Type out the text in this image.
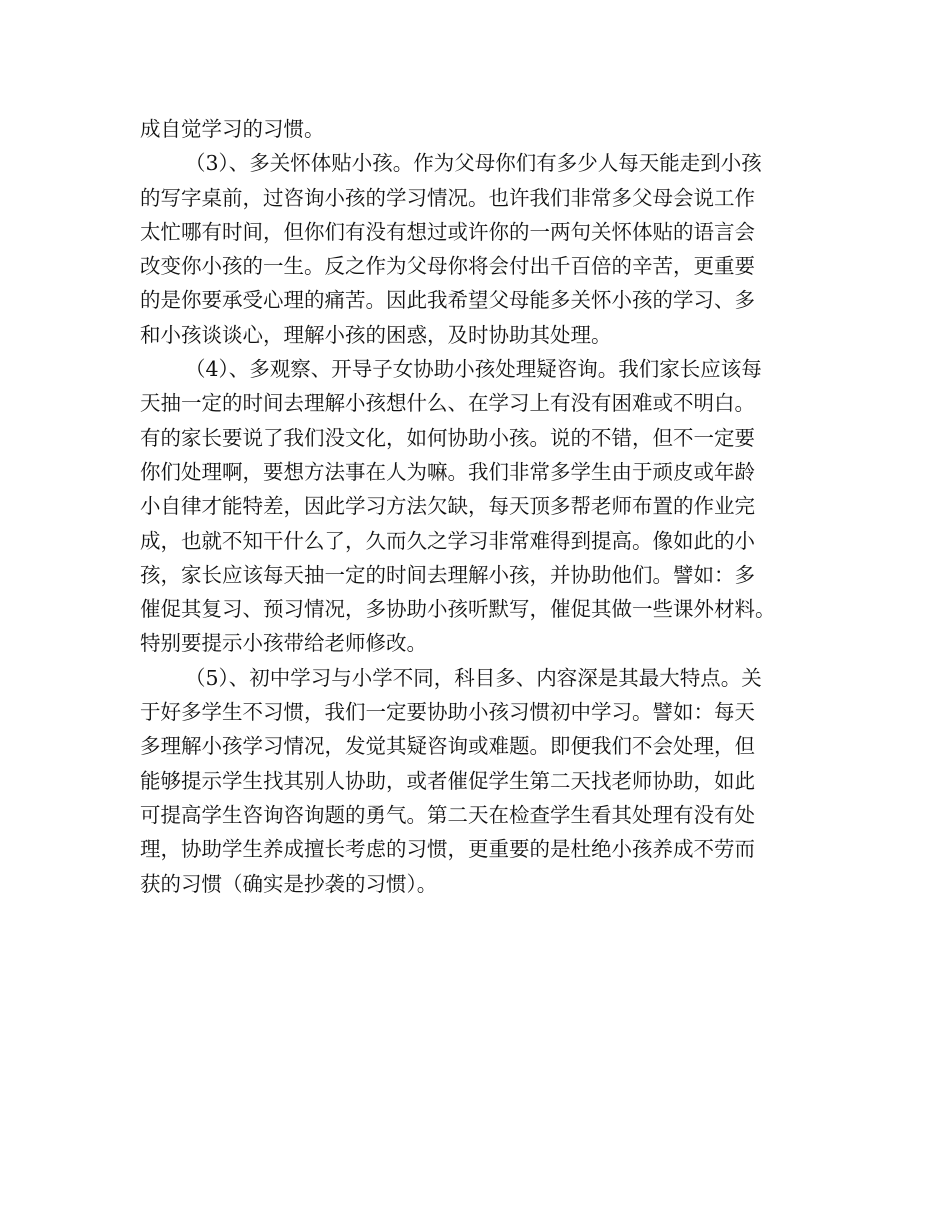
成自觉学习的习惯。
（3）、多关怀体贴小孩。作为父母你们有多少人每天能走到小孩
的写字桌前，过咨询小孩的学习情况。也许我们非常多父母会说工作
太忙哪有时间，但你们有没有想过或许你的一两句关怀体贴的语言会
改变你小孩的一生。反之作为父母你将会付出千百倍的辛苦，更重要
的是你要承受心理的痛苦。因此我希望父母能多关怀小孩的学习、多
和小孩谈谈心，理解小孩的困惑，及时协助其处理。
（4）、多观察、开导子女协助小孩处理疑咨询。我们家长应该每
天抽一定的时间去理解小孩想什么、在学习上有没有困难或不明白。
有的家长要说了我们没文化，如何协助小孩。说的不错，但不一定要
你们处理啊，要想方法事在人为嘛。我们非常多学生由于顽皮或年龄
小自律才能特差，因此学习方法欠缺，每天顶多帮老师布置的作业完
成，也就不知干什么了，久而久之学习非常难得到提高。像如此的小
孩，家长应该每天抽一定的时间去理解小孩，并协助他们。譬如：多
催促其复习、预习情况，多协助小孩听默写，催促其做一些课外材料。
特别要提示小孩带给老师修改。
（5）、初中学习与小学不同，科目多、内容深是其最大特点。关
于好多学生不习惯，我们一定要协助小孩习惯初中学习。譬如：每天
多理解小孩学习情况，发觉其疑咨询或难题。即便我们不会处理，但
能够提示学生找其别人协助，或者催促学生第二天找老师协助，如此
可提高学生咨询咨询题的勇气。第二天在检查学生看其处理有没有处
理，协助学生养成擅长考虑的习惯，更重要的是杜绝小孩养成不劳而
获的习惯（确实是抄袭的习惯）。
